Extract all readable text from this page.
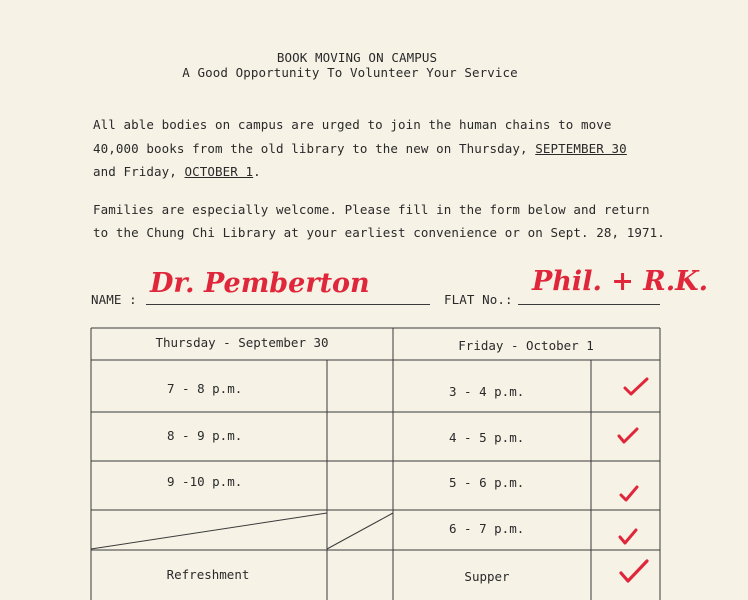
BOOK MOVING ON CAMPUS
A Good Opportunity To Volunteer Your Service
All able bodies on campus are urged to join the human chains to move
40,000 books from the old library to the new on Thursday, SEPTEMBER 30
and Friday, OCTOBER 1.
Families are especially welcome. Please fill in the form below and return
to the Chung Chi Library at your earliest convenience or on Sept. 28, 1971.
NAME :
Dr. Pemberton
FLAT No.:
Phil. + R.K.
Thursday - September 30	Friday - October 1
7 - 8 p.m.
8 - 9 p.m.
9 -10 p.m.
Refreshment
3 - 4 p.m.
4 - 5 p.m.
5 - 6 p.m.
6 - 7 p.m.
Supper
